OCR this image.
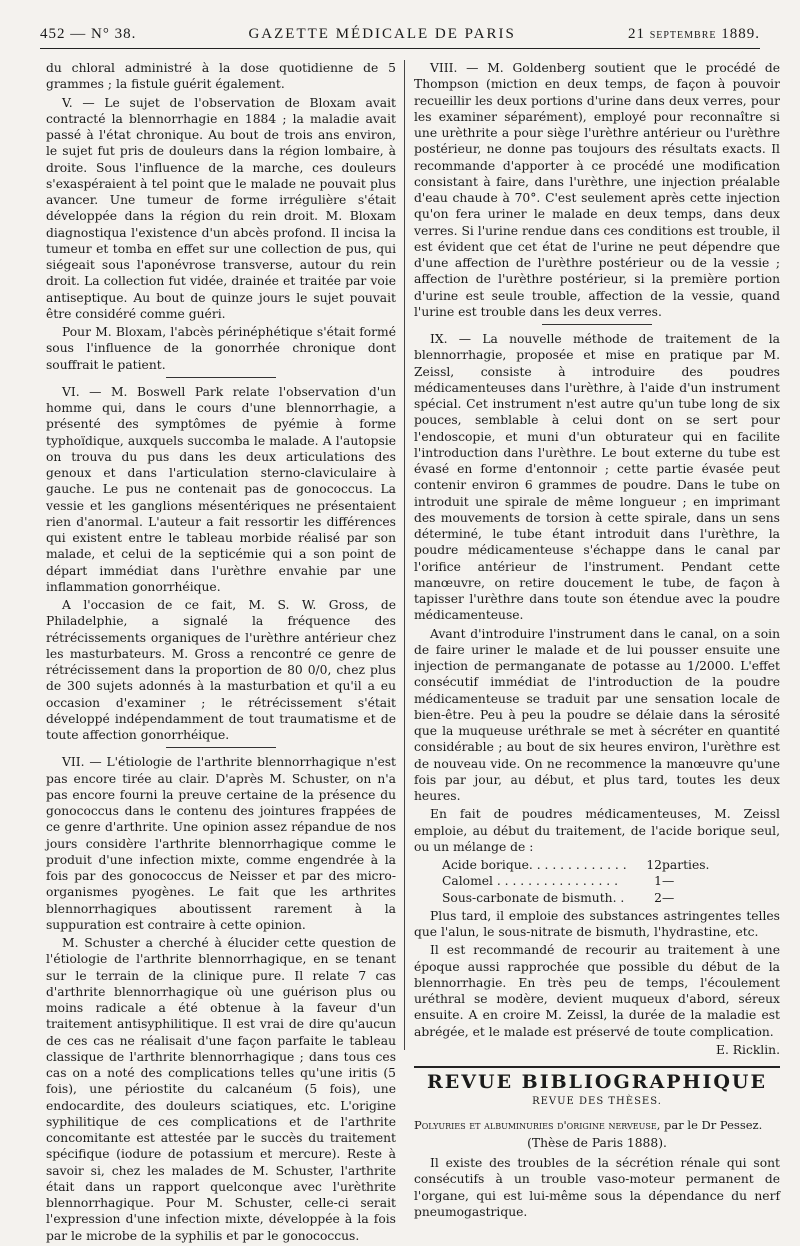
452 — N° 38.	GAZETTE MÉDICALE DE PARIS	21 SEPTEMBRE 1889.

du chloral administré à la dose quotidienne de 5 grammes ; la fistule guérit également.

V. — Le sujet de l'observation de Bloxam avait contracté la blennorrhagie en 1884 ; la maladie avait passé à l'état chronique. Au bout de trois ans environ, le sujet fut pris de douleurs dans la région lombaire, à droite. Sous l'influence de la marche, ces douleurs s'exaspéraient à tel point que le malade ne pouvait plus avancer. Une tumeur de forme irrégulière s'était développée dans la région du rein droit. M. Bloxam diagnostiqua l'existence d'un abcès profond. Il incisa la tumeur et tomba en effet sur une collection de pus, qui siégeait sous l'aponévrose transverse, autour du rein droit. La collection fut vidée, drainée et traitée par voie antiseptique. Au bout de quinze jours le sujet pouvait être considéré comme guéri.

Pour M. Bloxam, l'abcès périnéphétique s'était formé sous l'influence de la gonorrhée chronique dont souffrait le patient.

VI. — M. Boswell Park relate l'observation d'un homme qui, dans le cours d'une blennorrhagie, a présenté des symptômes de pyémie à forme typhoïdique, auxquels succomba le malade. A l'autopsie on trouva du pus dans les deux articulations des genoux et dans l'articulation sterno-claviculaire à gauche. Le pus ne contenait pas de gonococcus. La vessie et les ganglions mésentériques ne présentaient rien d'anormal. L'auteur a fait ressortir les différences qui existent entre le tableau morbide réalisé par son malade, et celui de la septicémie qui a son point de départ immédiat dans l'urèthre envahie par une inflammation gonorrhéique.

A l'occasion de ce fait, M. S. W. Gross, de Philadelphie, a signalé la fréquence des rétrécissements organiques de l'urèthre antérieur chez les masturbateurs. M. Gross a rencontré ce genre de rétrécissement dans la proportion de 80 0/0, chez plus de 300 sujets adonnés à la masturbation et qu'il a eu occasion d'examiner ; le rétrécissement s'était développé indépendamment de tout traumatisme et de toute affection gonorrhéique.

VII. — L'étiologie de l'arthrite blennorrhagique n'est pas encore tirée au clair. D'après M. Schuster, on n'a pas encore fourni la preuve certaine de la présence du gonococcus dans le contenu des jointures frappées de ce genre d'arthrite. Une opinion assez répandue de nos jours considère l'arthrite blennorrhagique comme le produit d'une infection mixte, comme engendrée à la fois par des gonococcus de Neisser et par des micro-organismes pyogènes. Le fait que les arthrites blennorrhagiques aboutissent rarement à la suppuration est contraire à cette opinion.

M. Schuster a cherché à élucider cette question de l'étiologie de l'arthrite blennorrhagique, en se tenant sur le terrain de la clinique pure. Il relate 7 cas d'arthrite blennorrhagique où une guérison plus ou moins radicale a été obtenue à la faveur d'un traitement antisyphilitique. Il est vrai de dire qu'aucun de ces cas ne réalisait d'une façon parfaite le tableau classique de l'arthrite blennorrhagique ; dans tous ces cas on a noté des complications telles qu'une iritis (5 fois), une périostite du calcanéum (5 fois), une endocardite, des douleurs sciatiques, etc. L'origine syphilitique de ces complications et de l'arthrite concomitante est attestée par le succès du traitement spécifique (iodure de potassium et mercure). Reste à savoir si, chez les malades de M. Schuster, l'arthrite était dans un rapport quelconque avec l'urèthrite blennorrhagique. Pour M. Schuster, celle-ci serait l'expression d'une infection mixte, développée à la fois par le microbe de la syphilis et par le gonococcus.

VIII. — M. Goldenberg soutient que le procédé de Thompson (miction en deux temps, de façon à pouvoir recueillir les deux portions d'urine dans deux verres, pour les examiner séparément), employé pour reconnaître si une urèthrite a pour siège l'urèthre antérieur ou l'urèthre postérieur, ne donne pas toujours des résultats exacts. Il recommande d'apporter à ce procédé une modification consistant à faire, dans l'urèthre, une injection préalable d'eau chaude à 70°. C'est seulement après cette injection qu'on fera uriner le malade en deux temps, dans deux verres. Si l'urine rendue dans ces conditions est trouble, il est évident que cet état de l'urine ne peut dépendre que d'une affection de l'urèthre postérieur ou de la vessie ; affection de l'urèthre postérieur, si la première portion d'urine est seule trouble, affection de la vessie, quand l'urine est trouble dans les deux verres.

IX. — La nouvelle méthode de traitement de la blennorrhagie, proposée et mise en pratique par M. Zeissl, consiste à introduire des poudres médicamenteuses dans l'urèthre, à l'aide d'un instrument spécial. Cet instrument n'est autre qu'un tube long de six pouces, semblable à celui dont on se sert pour l'endoscopie, et muni d'un obturateur qui en facilite l'introduction dans l'urèthre. Le bout externe du tube est évasé en forme d'entonnoir ; cette partie évasée peut contenir environ 6 grammes de poudre. Dans le tube on introduit une spirale de même longueur ; en imprimant des mouvements de torsion à cette spirale, dans un sens déterminé, le tube étant introduit dans l'urèthre, la poudre médicamenteuse s'échappe dans le canal par l'orifice antérieur de l'instrument. Pendant cette manœuvre, on retire doucement le tube, de façon à tapisser l'urèthre dans toute son étendue avec la poudre médicamenteuse.

Avant d'introduire l'instrument dans le canal, on a soin de faire uriner le malade et de lui pousser ensuite une injection de permanganate de potasse au 1/2000. L'effet consécutif immédiat de l'introduction de la poudre médicamenteuse se traduit par une sensation locale de bien-être. Peu à peu la poudre se délaie dans la sérosité que la muqueuse uréthrale se met à sécréter en quantité considérable ; au bout de six heures environ, l'urèthre est de nouveau vide. On ne recommence la manœuvre qu'une fois par jour, au début, et plus tard, toutes les deux heures.

En fait de poudres médicamenteuses, M. Zeissl emploie, au début du traitement, de l'acide borique seul, ou un mélange de :

Acide borique. . . . . . . . . . . . .	12 parties.
Calomel . . . . . . . . . . . . . . . .	1 —
Sous-carbonate de bismuth. .	2 —

Plus tard, il emploie des substances astringentes telles que l'alun, le sous-nitrate de bismuth, l'hydrastine, etc.

Il est recommandé de recourir au traitement à une époque aussi rapprochée que possible du début de la blennorrhagie. En très peu de temps, l'écoulement uréthral se modère, devient muqueux d'abord, séreux ensuite. A en croire M. Zeissl, la durée de la maladie est abrégée, et le malade est préservé de toute complication.

E. Ricklin.
REVUE BIBLIOGRAPHIQUE
REVUE DES THÈSES.

Polyuries et albuminuries d'origine nerveuse, par le Dr Pessez.

(Thèse de Paris 1888).

Il existe des troubles de la sécrétion rénale qui sont consécutifs à un trouble vaso-moteur permanent de l'organe, qui est lui-même sous la dépendance du nerf pneumogastrique.
